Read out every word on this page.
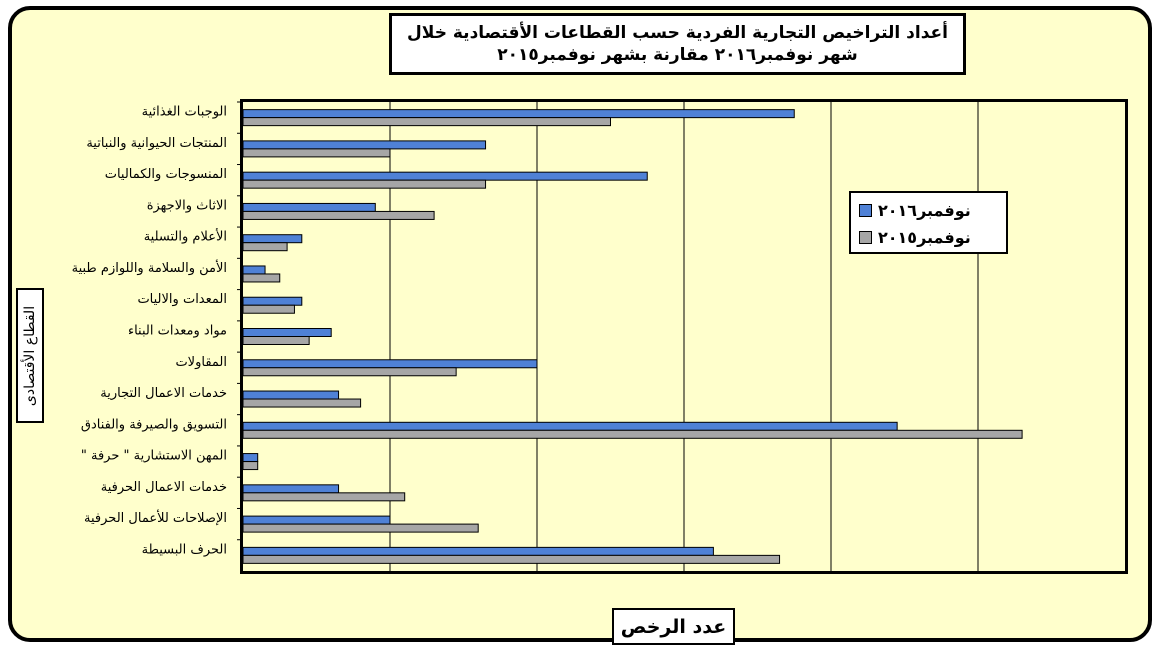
أعداد التراخيص التجارية الفردية حسب القطاعات الأقتصادية خلال
شهر نوفمبر٢٠١٦ مقارنة بشهر نوفمبر٢٠١٥
الوجبات الغذائية
المنتجات الحيوانية والنباتية
المنسوجات والكماليات
الاثاث والاجهزة
الأعلام والتسلية
الأمن والسلامة واللوازم طبية
المعدات والاليات
مواد ومعدات البناء
المقاولات
خدمات الاعمال التجارية
التسويق والصيرفة والفنادق
المهن الاستشارية " حرفة "
خدمات الاعمال الحرفية
الإصلاحات للأعمال الحرفية
الحرف البسيطة
نوفمبر٢٠١٦
نوفمبر٢٠١٥
القطاع الأقتصادى
عدد الرخص
